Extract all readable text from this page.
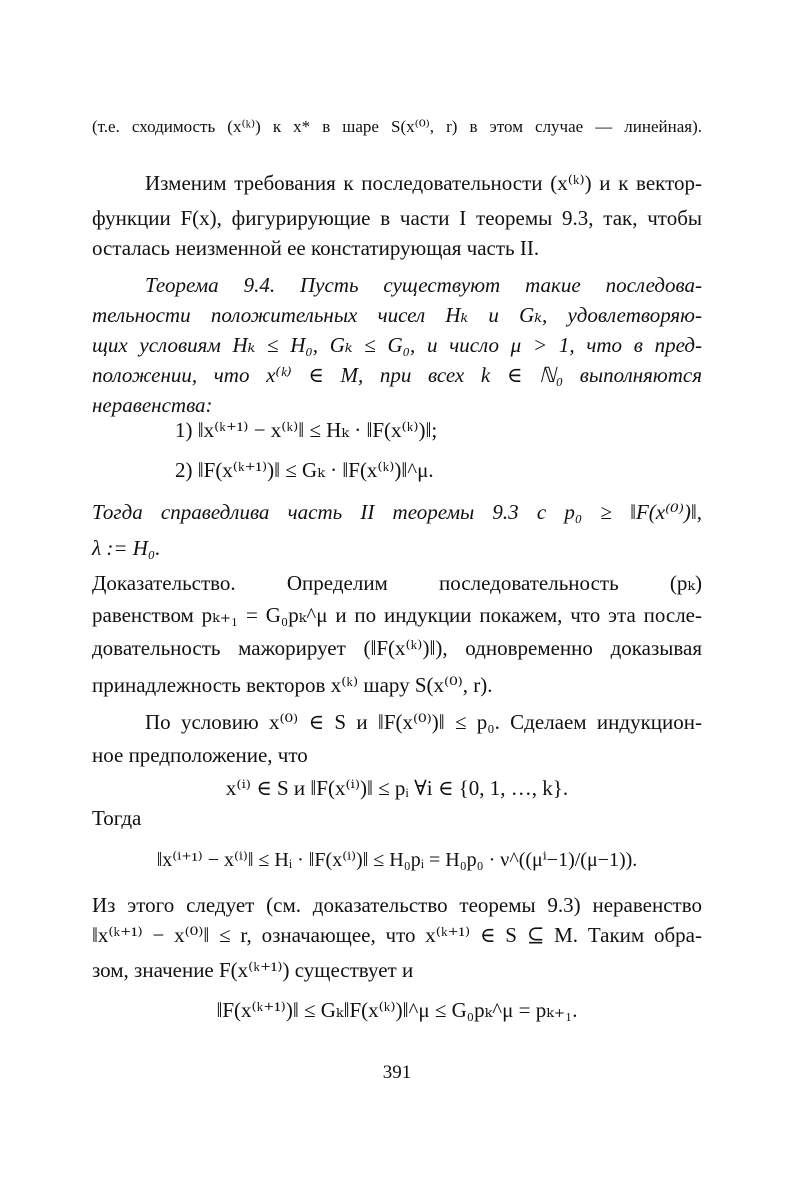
(т.е. сходимость (x⁽ᵏ⁾) к x* в шаре S(x⁽⁰⁾, r) в этом случае — линейная).
Изменим требования к последовательности (x⁽ᵏ⁾) и к вектор-
функции F(x), фигурирующие в части I теоремы 9.3, так, чтобы
осталась неизменной ее констатирующая часть II.
Теорема 9.4. Пусть существуют такие последова-
тельности положительных чисел Hₖ и Gₖ, удовлетворяю-
щих условиям Hₖ ≤ H₀, Gₖ ≤ G₀, и число μ > 1, что в пред-
положении, что x⁽ᵏ⁾ ∈ M, при всех k ∈ ℕ₀ выполняются
неравенства:
1) ‖x⁽ᵏ⁺¹⁾ − x⁽ᵏ⁾‖ ≤ Hₖ · ‖F(x⁽ᵏ⁾)‖;
2) ‖F(x⁽ᵏ⁺¹⁾)‖ ≤ Gₖ · ‖F(x⁽ᵏ⁾)‖^μ.
Тогда справедлива часть II теоремы 9.3 с p₀ ≥ ‖F(x⁽⁰⁾)‖,
λ := H₀.
Доказательство. Определим последовательность (pₖ)
равенством pₖ₊₁ = G₀pₖ^μ и по индукции покажем, что эта после-
довательность мажорирует (‖F(x⁽ᵏ⁾)‖), одновременно доказывая
принадлежность векторов x⁽ᵏ⁾ шару S(x⁽⁰⁾, r).
По условию x⁽⁰⁾ ∈ S и ‖F(x⁽⁰⁾)‖ ≤ p₀. Сделаем индукцион-
ное предположение, что
x⁽ⁱ⁾ ∈ S и ‖F(x⁽ⁱ⁾)‖ ≤ pᵢ ∀i ∈ {0, 1, …, k}.
Тогда
‖x⁽ⁱ⁺¹⁾ − x⁽ⁱ⁾‖ ≤ Hᵢ · ‖F(x⁽ⁱ⁾)‖ ≤ H₀pᵢ = H₀p₀ · ν^((μⁱ−1)/(μ−1)).
Из этого следует (см. доказательство теоремы 9.3) неравенство
‖x⁽ᵏ⁺¹⁾ − x⁽⁰⁾‖ ≤ r, означающее, что x⁽ᵏ⁺¹⁾ ∈ S ⊆ M. Таким обра-
зом, значение F(x⁽ᵏ⁺¹⁾) существует и
‖F(x⁽ᵏ⁺¹⁾)‖ ≤ Gₖ‖F(x⁽ᵏ⁾)‖^μ ≤ G₀pₖ^μ = pₖ₊₁.
391
